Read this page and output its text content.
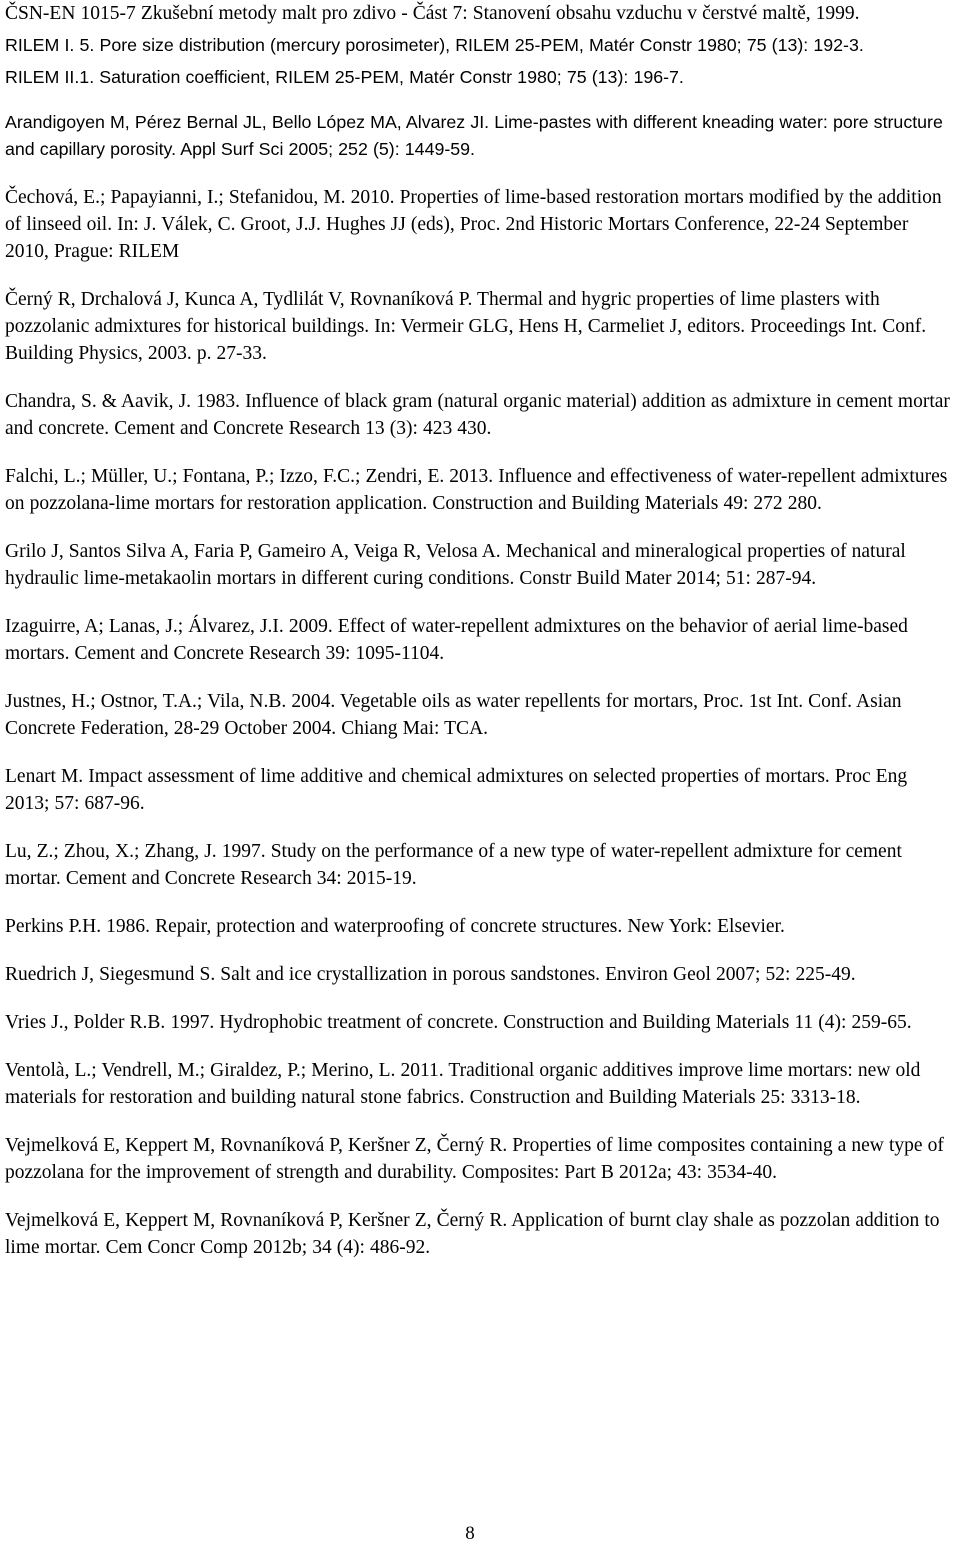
ČSN-EN 1015-7 Zkušební metody malt pro zdivo - Část 7: Stanovení obsahu vzduchu v čerstvé maltě, 1999.
RILEM I. 5. Pore size distribution (mercury porosimeter), RILEM 25-PEM, Matér Constr 1980; 75 (13): 192-3.
RILEM II.1. Saturation coefficient, RILEM 25-PEM, Matér Constr 1980; 75 (13): 196-7.
Arandigoyen M, Pérez Bernal JL, Bello López MA, Alvarez JI. Lime-pastes with different kneading water: pore structure and capillary porosity. Appl Surf Sci 2005; 252 (5): 1449-59.
Čechová, E.; Papayianni, I.; Stefanidou, M. 2010. Properties of lime-based restoration mortars modified by the addition of linseed oil. In: J. Válek, C. Groot, J.J. Hughes JJ (eds), Proc. 2nd Historic Mortars Conference, 22-24 September 2010, Prague: RILEM
Černý R, Drchalová J, Kunca A, Tydlilát V, Rovnaníková P. Thermal and hygric properties of lime plasters with pozzolanic admixtures for historical buildings. In: Vermeir GLG, Hens H, Carmeliet J, editors. Proceedings Int. Conf. Building Physics, 2003. p. 27-33.
Chandra, S. & Aavik, J. 1983. Influence of black gram (natural organic material) addition as admixture in cement mortar and concrete. Cement and Concrete Research 13 (3): 423 430.
Falchi, L.; Müller, U.; Fontana, P.; Izzo, F.C.; Zendri, E. 2013. Influence and effectiveness of water-repellent admixtures on pozzolana-lime mortars for restoration application. Construction and Building Materials 49: 272 280.
Grilo J, Santos Silva A, Faria P, Gameiro A, Veiga R, Velosa A. Mechanical and mineralogical properties of natural hydraulic lime-metakaolin mortars in different curing conditions. Constr Build Mater 2014; 51: 287-94.
Izaguirre, A; Lanas, J.; Álvarez, J.I. 2009. Effect of water-repellent admixtures on the behavior of aerial lime-based mortars. Cement and Concrete Research 39: 1095-1104.
Justnes, H.; Ostnor, T.A.; Vila, N.B. 2004. Vegetable oils as water repellents for mortars, Proc. 1st Int. Conf. Asian Concrete Federation, 28-29 October 2004. Chiang Mai: TCA.
Lenart M. Impact assessment of lime additive and chemical admixtures on selected properties of mortars. Proc Eng 2013; 57: 687-96.
Lu, Z.; Zhou, X.; Zhang, J. 1997. Study on the performance of a new type of water-repellent admixture for cement mortar. Cement and Concrete Research 34: 2015-19.
Perkins P.H. 1986. Repair, protection and waterproofing of concrete structures. New York: Elsevier.
Ruedrich J, Siegesmund S. Salt and ice crystallization in porous sandstones. Environ Geol 2007; 52: 225-49.
Vries J., Polder R.B. 1997. Hydrophobic treatment of concrete. Construction and Building Materials 11 (4): 259-65.
Ventolà, L.; Vendrell, M.; Giraldez, P.; Merino, L. 2011. Traditional organic additives improve lime mortars: new old materials for restoration and building natural stone fabrics. Construction and Building Materials 25: 3313-18.
Vejmelková E, Keppert M, Rovnaníková P, Keršner Z, Černý R. Properties of lime composites containing a new type of pozzolana for the improvement of strength and durability. Composites: Part B 2012a; 43: 3534-40.
Vejmelková E, Keppert M, Rovnaníková P, Keršner Z, Černý R. Application of burnt clay shale as pozzolan addition to lime mortar. Cem Concr Comp 2012b; 34 (4): 486-92.
8
